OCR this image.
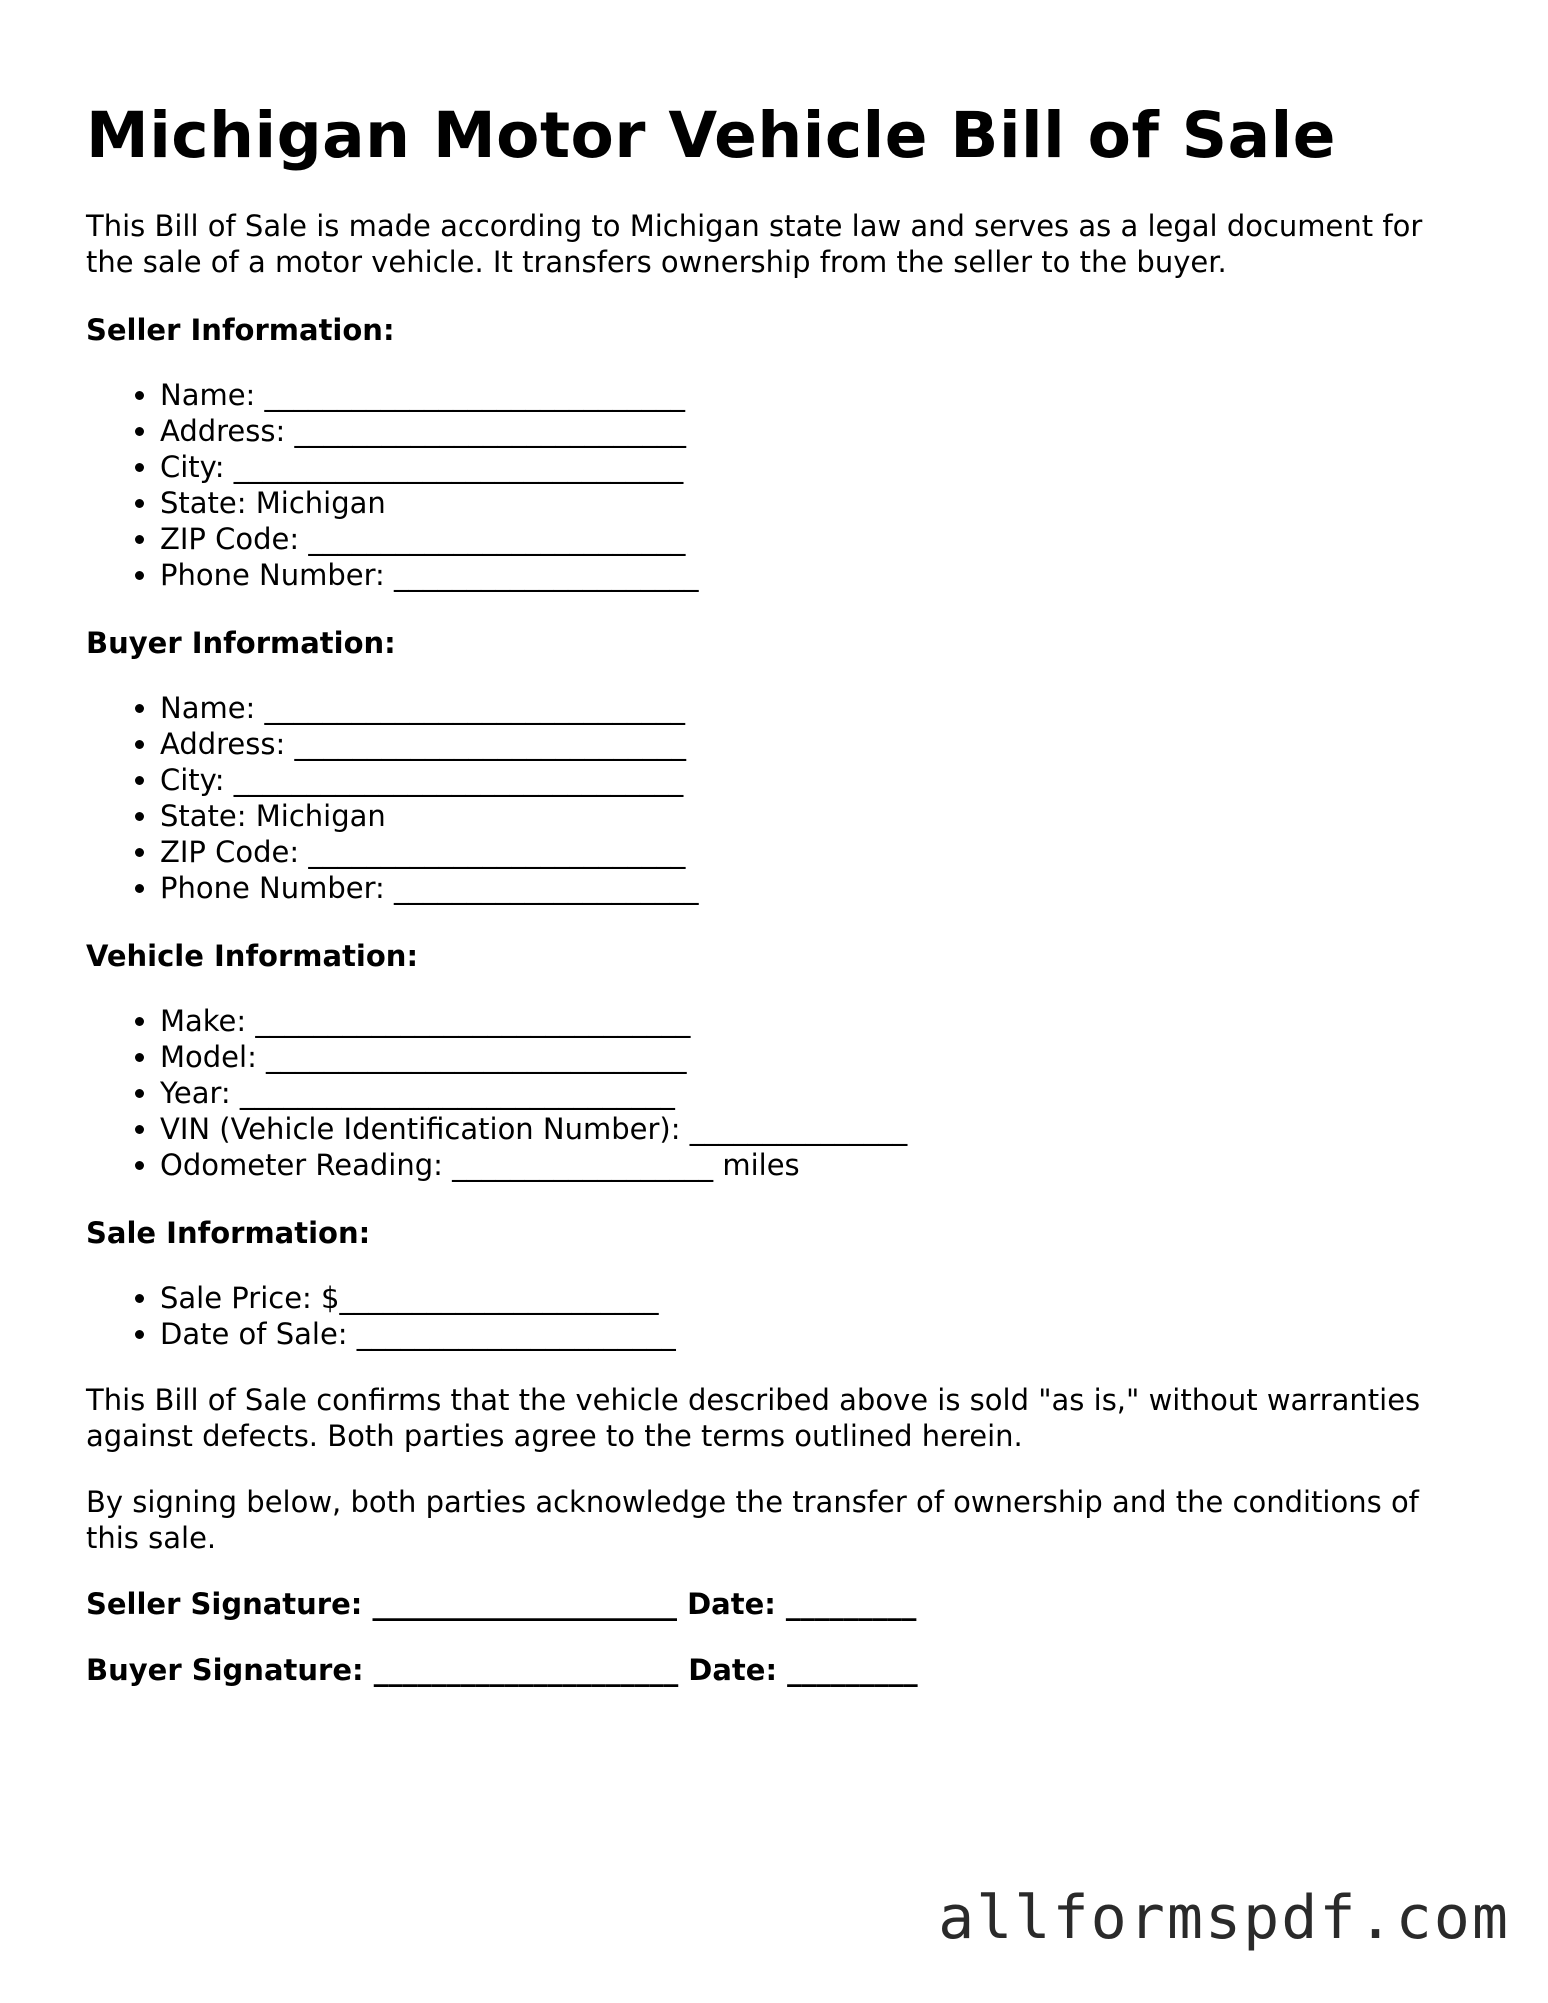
Michigan Motor Vehicle Bill of Sale

This Bill of Sale is made according to Michigan state law and serves as a legal document for the sale of a motor vehicle. It transfers ownership from the seller to the buyer.

Seller Information:
• Name: _____________________________
• Address: ___________________________
• City: _______________________________
• State: Michigan
• ZIP Code: __________________________
• Phone Number: _____________________
Buyer Information:
• Name: _____________________________
• Address: ___________________________
• City: _______________________________
• State: Michigan
• ZIP Code: __________________________
• Phone Number: _____________________
Vehicle Information:
• Make: ______________________________
• Model: _____________________________
• Year: ______________________________
• VIN (Vehicle Identification Number): _______________
• Odometer Reading: __________________ miles
Sale Information:
• Sale Price: $______________________
• Date of Sale: ______________________

This Bill of Sale confirms that the vehicle described above is sold "as is," without warranties against defects. Both parties agree to the terms outlined herein.

By signing below, both parties acknowledge the transfer of ownership and the conditions of this sale.

Seller Signature: _____________________ Date: _________
Buyer Signature: _____________________ Date: _________
allformspdf.com
